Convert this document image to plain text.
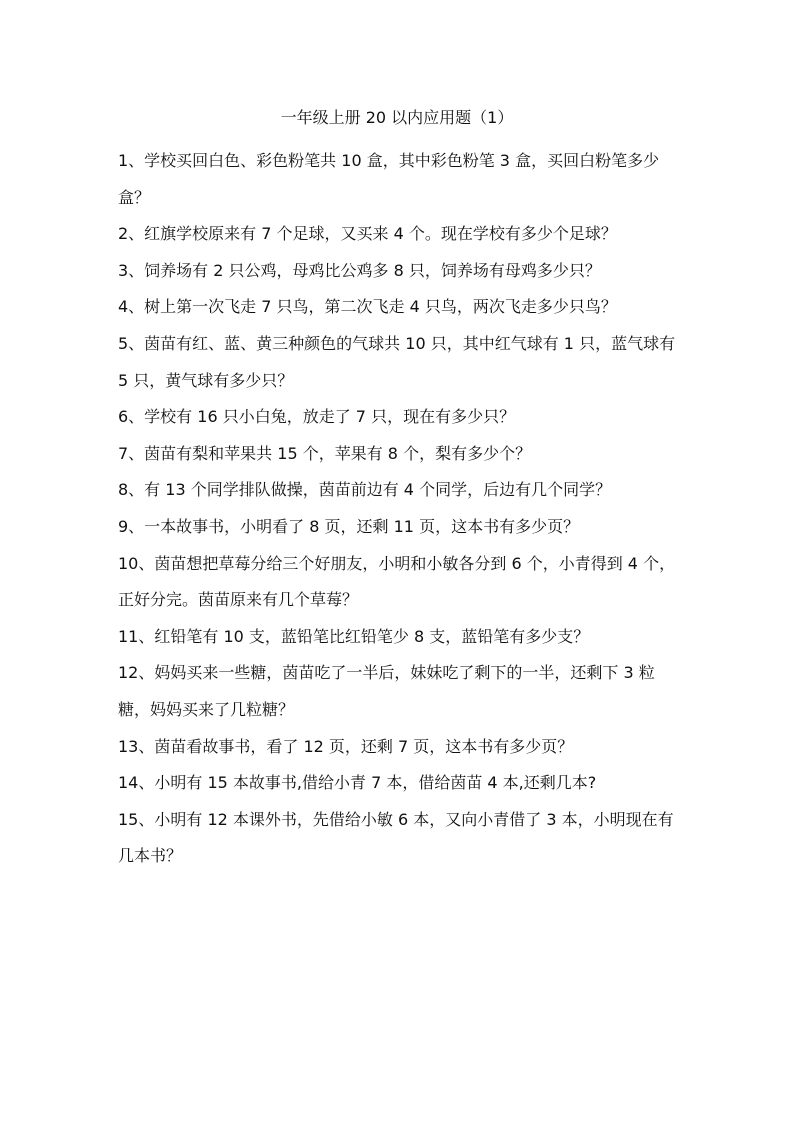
一年级上册 20 以内应用题（1）
1、学校买回白色、彩色粉笔共 10 盒，其中彩色粉笔 3 盒，买回白粉笔多少盒？
2、红旗学校原来有 7 个足球，又买来 4 个。现在学校有多少个足球？
3、饲养场有 2 只公鸡，母鸡比公鸡多 8 只，饲养场有母鸡多少只？
4、树上第一次飞走 7 只鸟，第二次飞走 4 只鸟，两次飞走多少只鸟？
5、茵苗有红、蓝、黄三种颜色的气球共 10 只，其中红气球有 1 只，蓝气球有 5 只，黄气球有多少只？
6、学校有 16 只小白兔，放走了 7 只，现在有多少只？
7、茵苗有梨和苹果共 15 个，苹果有 8 个，梨有多少个？
8、有 13 个同学排队做操，茵苗前边有 4 个同学，后边有几个同学？
9、一本故事书，小明看了 8 页，还剩 11 页，这本书有多少页？
10、茵苗想把草莓分给三个好朋友，小明和小敏各分到 6 个，小青得到 4 个，正好分完。茵苗原来有几个草莓？
11、红铅笔有 10 支，蓝铅笔比红铅笔少 8 支，蓝铅笔有多少支？
12、妈妈买来一些糖，茵苗吃了一半后，妹妹吃了剩下的一半，还剩下 3 粒糖，妈妈买来了几粒糖？
13、茵苗看故事书，看了 12 页，还剩 7 页，这本书有多少页？
14、小明有 15 本故事书,借给小青 7 本，借给茵苗 4 本,还剩几本?
15、小明有 12 本课外书，先借给小敏 6 本，又向小青借了 3 本，小明现在有几本书？
